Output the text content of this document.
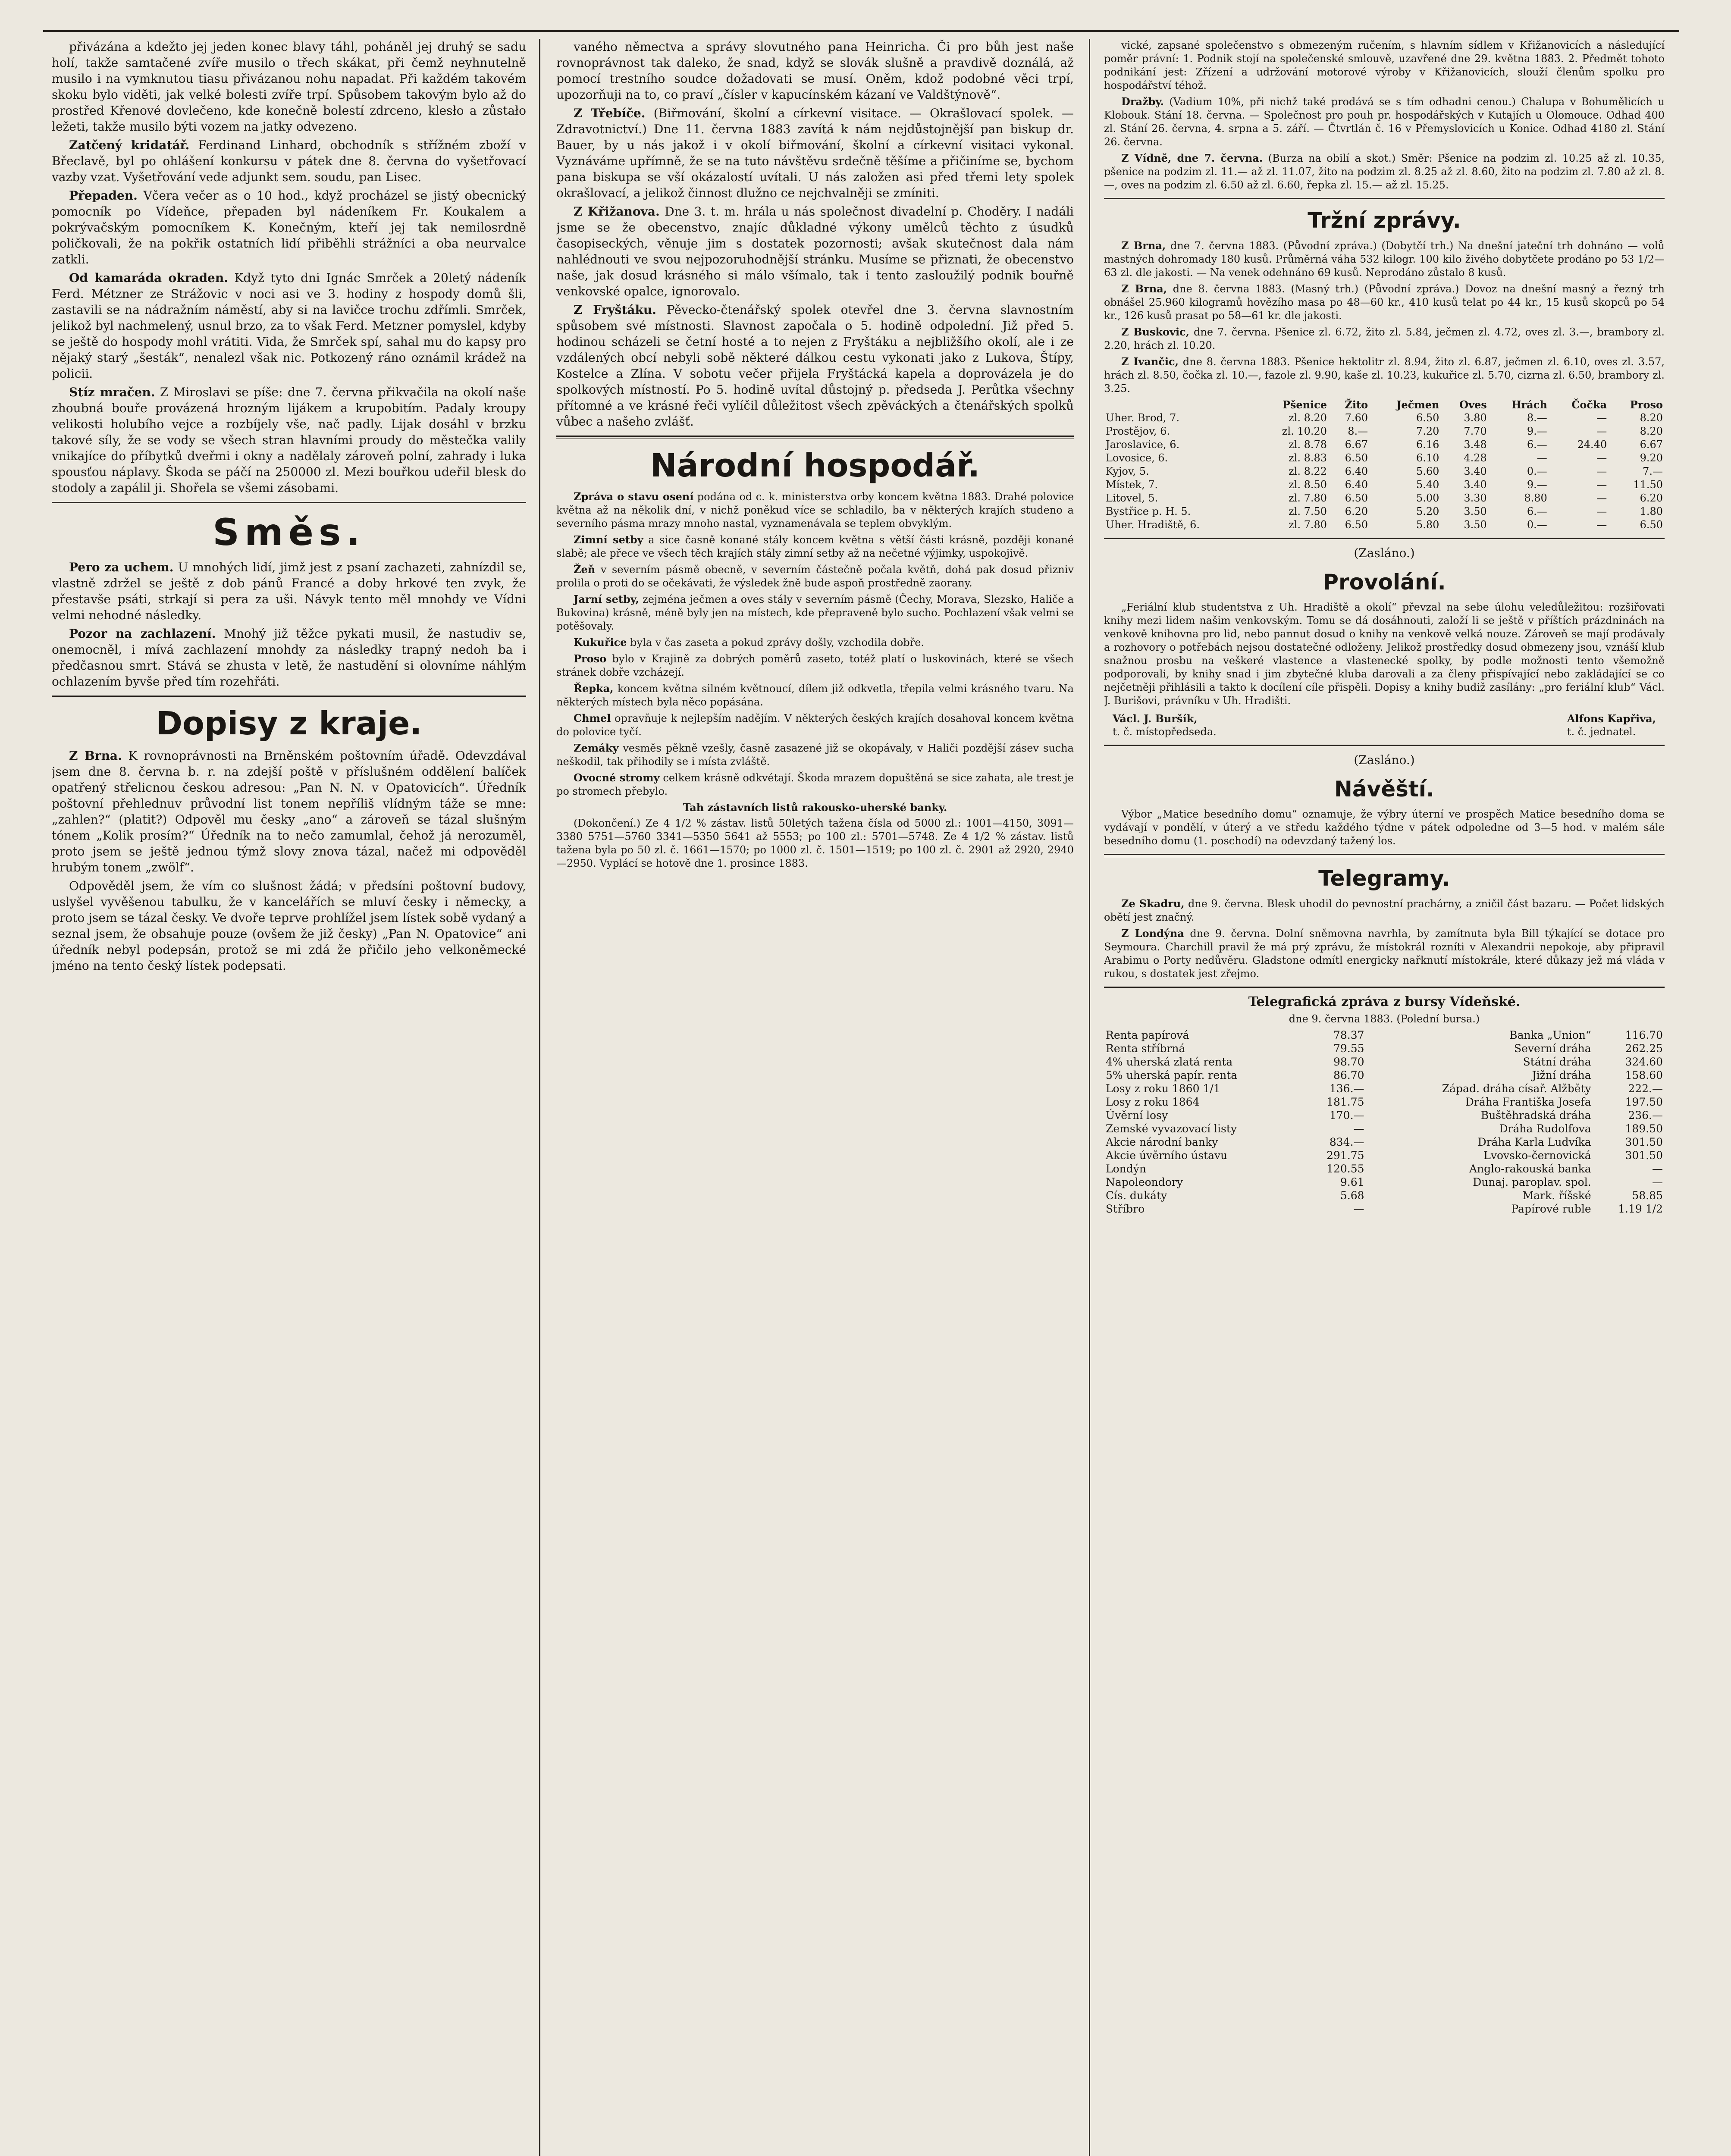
přivázána a kdežto jej jeden konec blavy táhl, poháněl jej druhý se sadu holí, takže samtačené zvíře musilo o třech skákat, při čemž neyhnutelně musilo i na vymknutou tiasu přivázanou nohu napadat. Při každém takovém skoku bylo viděti, jak velké bolesti zvíře trpí. Spůsobem takovým bylo až do prostřed Křenové dovlečeno, kde konečně bolestí zdrceno, klesło a zůstało ležeti, takže musilo býti vozem na jatky odvezeno.

Zatčený kridatář. Ferdinand Linhard, obchodník s střížném zboží v Břeclavě, byl po ohlášení konkursu v pátek dne 8. června do vyšetřovací vazby vzat. Vyšetřování vede adjunkt sem. soudu, pan Lisec.

Přepaden. Včera večer as o 10 hod., když procházel se jistý obecnický pomocník po Vídeňce, přepaden byl nádeníkem Fr. Koukalem a pokrývačským pomocníkem K. Konečným, kteří jej tak nemilosrdně poličkovali, že na pokřik ostatních lidí přiběhli strážníci a oba neurvalce zatkli.

Od kamaráda okraden. Když tyto dni Ignác Smrček a 20letý nádeník Ferd. Métzner ze Strážovic v noci asi ve 3. hodiny z hospody domů šli, zastavili se na nádražním náměstí, aby si na lavičce trochu zdřímli. Smrček, jelikož byl nachmelený, usnul brzo, za to však Ferd. Metzner pomyslel, kdyby se ještě do hospody mohl vrátiti. Vida, že Smrček spí, sahal mu do kapsy pro nějaký starý „šesták“, nenalezl však nic. Potkozený ráno oznámil krádež na policii.

Stíz mračen. Z Miroslavi se píše: dne 7. června přikvačila na okolí naše zhoubná bouře provázená hrozným lijákem a krupobitím. Padaly kroupy velikosti holubího vejce a rozbíjely vše, nač padly. Lijak dosáhl v brzku takové síly, že se vody se všech stran hlavními proudy do městečka valily vnikajíce do příbytků dveřmi i okny a nadělaly zároveň polní, zahrady i luka spousťou náplavy. Škoda se páčí na 250000 zl. Mezi bouřkou udeřil blesk do stodoly a zapálil ji. Shořela se všemi zásobami.

Směs.

Pero za uchem. U mnohých lidí, jimž jest z psaní zachazeti, zahnízdil se, vlastně zdržel se ještě z dob pánů Francé a doby hrkové ten zvyk, že přestavše psáti, strkají si pera za uši. Návyk tento měl mnohdy ve Vídni velmi nehodné následky.

Pozor na zachlazení. Mnohý již těžce pykati musil, že nastudiv se, onemocněl, i mívá zachlazení mnohdy za následky trapný nedoh ba i předčasnou smrt. Stává se zhusta v letě, že nastudění si olovníme náhlým ochlazením byvše před tím rozehřáti.

Dopisy z kraje.

Z Brna. K rovnoprávnosti na Brněnském poštovním úřadě. Odevzdával jsem dne 8. června b. r. na zdejší poště v příslušném oddělení balíček opatřený střelicnou českou adresou: „Pan N. N. v Opatovicích“. Úředník poštovní přehlednuv průvodní list tonem nepříliš vlídným táže se mne: „zahlen?“ (platit?) Odpověl mu česky „ano“ a zároveň se tázal slušným tónem „Kolik prosím?“ Úředník na to nečo zamumlal, čehož já nerozuměl, proto jsem se ještě jednou týmž slovy znova tázal, načež mi odpověděl hrubým tonem „zwölf“.

Odpověděl jsem, že vím co slušnost žádá; v předsíni poštovní budovy, uslyšel vyvěšenou tabulku, že v kancelářích se mluví česky i německy, a proto jsem se tázal česky. Ve dvoře teprve prohlížel jsem lístek sobě vydaný a seznal jsem, že obsahuje pouze (ovšem že již česky) „Pan N. Opatovice“ ani úředník nebyl podepsán, protož se mi zdá že přičilo jeho velkoněmecké jméno na tento český lístek podepsati.

vaného němectva a správy slovutného pana Heinricha. Či pro bůh jest naše rovnoprávnost tak daleko, že snad, když se slovák slušně a pravdivě doználá, až pomocí trestního soudce dožadovati se musí. Oněm, kdož podobné věci trpí, upozorňuji na to, co praví „čísler v kapucínském kázaní ve Valdštýnově“.

Z Třebíče. (Biřmování, školní a církevní visitace. — Okrašlovací spolek. — Zdravotnictví.) Dne 11. června 1883 zavítá k nám nejdůstojnější pan biskup dr. Bauer, by u nás jakož i v okolí biřmování, školní a církevní visitaci vykonal. Vyznáváme upřímně, že se na tuto návštěvu srdečně těšíme a přičiníme se, bychom pana biskupa se vší okázalostí uvítali. U nás založen asi před třemi lety spolek okrašlovací, a jelikož činnost dlužno ce nejchvalněji se zmíniti.

Z Křižanova. Dne 3. t. m. hrála u nás společnost divadelní p. Choděry. I nadáli jsme se že obecenstvo, znajíc důkladné výkony umělců těchto z úsudků časopiseckých, věnuje jim s dostatek pozornosti; avšak skutečnost dala nám nahlédnouti ve svou nejpozoruhodnější stránku. Musíme se přiznati, že obecenstvo naše, jak dosud krásného si málo všímalo, tak i tento zasloužilý podnik bouřně venkovské opalce, ignorovalo.

Z Fryštáku. Pěvecko-čtenářský spolek otevřel dne 3. června slavnostním spůsobem své místnosti. Slavnost započala o 5. hodině odpolední. Již před 5. hodinou scházeli se četní hosté a to nejen z Fryštáku a nejbližšího okolí, ale i ze vzdálených obcí nebyli sobě některé dálkou cestu vykonati jako z Lukova, Štípy, Kostelce a Zlína. V sobotu večer přijela Fryštácká kapela a doprovázela je do spolkových místností. Po 5. hodině uvítal důstojný p. předseda J. Perůtka všechny přítomné a ve krásné řeči vylíčil důležitost všech zpěváckých a čtenářských spolků vůbec a našeho zvlášť.

Národní hospodář.

Zpráva o stavu osení podána od c. k. ministerstva orby koncem května 1883. Drahé polovice května až na několik dní, v nichž poněkud více se schladilo, ba v některých krajích studeno a severního pásma mrazy mnoho nastal, vyznamenávala se teplem obvyklým.

Zimní setby a sice časně konané stály koncem května s větší části krásně, později konané slabě; ale přece ve všech těch krajích stály zimní setby až na nečetné výjimky, uspokojivě.

Žeň v severním pásmě obecně, v severním částečně počala květň, dohá pak dosud přizniv prolila o proti do se očekávati, že výsledek žně bude aspoň prostředně zaorany.

Jarní setby, zejména ječmen a oves stály v severním pásmě (Čechy, Morava, Slezsko, Haliče a Bukovina) krásně, méně byly jen na místech, kde přepraveně bylo sucho. Pochlazení však velmi se potěšovaly.

Kukuřice byla v čas zaseta a pokud zprávy došly, vzchodila dobře.

Proso bylo v Krajině za dobrých poměrů zaseto, totéž platí o luskovinách, které se všech stránek dobře vzcházejí.

Řepka, koncem května silném květnoucí, dílem již odkvetla, třepila velmi krásného tvaru. Na některých místech byla něco popásána.

Chmel opravňuje k nejlepším nadějím. V některých českých krajích dosahoval koncem května do polovice tyčí.

Zemáky vesměs pěkně vzešly, časně zasazené již se okopávaly, v Haliči pozdější zásev sucha neškodil, tak přihodily se i místa zvláště.

Ovocné stromy celkem krásně odkvétají. Škoda mrazem dopuštěná se sice zahata, ale trest je po stromech přebylo.

Tah zástavních listů rakousko-uherské banky.

(Dokončení.) Ze 4 1/2 % zástav. listů 50letých tažena čísla od 5000 zl.: 1001—4150, 3091—3380 5751—5760 3341—5350 5641 až 5553; po 100 zl.: 5701—5748. Ze 4 1/2 % zástav. listů tažena byla po 50 zl. č. 1661—1570; po 1000 zl. č. 1501—1519; po 100 zl. č. 2901 až 2920, 2940—2950. Vyplácí se hotově dne 1. prosince 1883.

vické, zapsané společenstvo s obmezeným ručením, s hlavním sídlem v Křižanovicích a následující poměr právní: 1. Podnik stojí na společenské smlouvě, uzavřené dne 29. května 1883. 2. Předmět tohoto podnikání jest: Zřízení a udržování motorové výroby v Křižanovicích, slouží členům spolku pro hospodářství téhož.

Dražby. (Vadium 10%, při nichž také prodává se s tím odhadni cenou.) Chalupa v Bohumělicích u Klobouk. Stání 18. června. — Společnost pro pouh pr. hospodářských v Kutajích u Olomouce. Odhad 400 zl. Stání 26. června, 4. srpna a 5. září. — Čtvrtlán č. 16 v Přemyslovicích u Konice. Odhad 4180 zl. Stání 26. června.

Z Vídně, dne 7. června. (Burza na obilí a skot.) Směr: Pšenice na podzim zl. 10.25 až zl. 10.35, pšenice na podzim zl. 11.— až zl. 11.07, žito na podzim zl. 8.25 až zl. 8.60, žito na podzim zl. 7.80 až zl. 8.—, oves na podzim zl. 6.50 až zl. 6.60, řepka zl. 15.— až zl. 15.25.

Tržní zprávy.

Z Brna, dne 7. června 1883. (Původní zpráva.) (Dobytčí trh.) Na dnešní jateční trh dohnáno — volů mastných dohromady 180 kusů. Průměrná váha 532 kilogr. 100 kilo živého dobytčete prodáno po 53 1/2—63 zl. dle jakosti. — Na venek odehnáno 69 kusů. Neprodáno zůstalo 8 kusů.

Z Brna, dne 8. června 1883. (Masný trh.) (Původní zpráva.) Dovoz na dnešní masný a řezný trh obnášel 25.960 kilogramů hovězího masa po 48—60 kr., 410 kusů telat po 44 kr., 15 kusů skopců po 54 kr., 126 kusů prasat po 58—61 kr. dle jakosti.

Z Buskovic, dne 7. června. Pšenice zl. 6.72, žito zl. 5.84, ječmen zl. 4.72, oves zl. 3.—, brambory zl. 2.20, hrách zl. 10.20.

Z Ivančic, dne 8. června 1883. Pšenice hektolitr zl. 8.94, žito zl. 6.87, ječmen zl. 6.10, oves zl. 3.57, hrách zl. 8.50, čočka zl. 10.—, fazole zl. 9.90, kaše zl. 10.23, kukuřice zl. 5.70, cizrna zl. 6.50, brambory zl. 3.25.

	Pšenice	Žito	Ječmen	Oves	Hrách	Čočka	Proso
Uher. Brod, 7.	zl. 8.20	7.60	6.50	3.80	8.—	—	8.20
Prostějov, 6.	zl. 10.20	8.—	7.20	7.70	9.—	—	8.20
Jaroslavice, 6.	zl. 8.78	6.67	6.16	3.48	6.—	24.40	6.67
Lovosice, 6.	zl. 8.83	6.50	6.10	4.28	—	—	9.20
Kyjov, 5.	zl. 8.22	6.40	5.60	3.40	0.—	—	7.—
Místek, 7.	zl. 8.50	6.40	5.40	3.40	9.—	—	11.50
Litovel, 5.	zl. 7.80	6.50	5.00	3.30	8.80	—	6.20
Bystřice p. H. 5.	zl. 7.50	6.20	5.20	3.50	6.—	—	1.80
Uher. Hradiště, 6.	zl. 7.80	6.50	5.80	3.50	0.—	—	6.50

(Zasláno.)

Provolání.

„Feriální klub studentstva z Uh. Hradiště a okolí“ převzal na sebe úlohu veledůležitou: rozšiřovati knihy mezi lidem našim venkovským. Tomu se dá dosáhnouti, založí li se ještě v příštích prázdninách na venkově knihovna pro lid, nebo pannut dosud o knihy na venkově velká nouze. Zároveň se mají prodávaly a rozhovory o potřebách nejsou dostatečné odloženy. Jelikož prostředky dosud obmezeny jsou, vznáší klub snažnou prosbu na veškeré vlastence a vlastenecké spolky, by podle možnosti tento všemožně podporovali, by knihy snad i jim zbytečné kluba darovali a za členy přispívající nebo zakládající se co nejčetněji přihlásili a takto k docílení cíle přispěli. Dopisy a knihy budiž zasílány: „pro feriální klub“ Václ. J. Burišovi, právníku v Uh. Hradišti.

Václ. J. Buršík,
t. č. místopředseda.
Alfons Kapřiva,
t. č. jednatel.

(Zasláno.)

Návěští.

Výbor „Matice besedního domu“ oznamuje, že výbry úterní ve prospěch Matice besedního doma se vydávají v pondělí, v úterý a ve středu každého týdne v pátek odpoledne od 3—5 hod. v malém sále besedního domu (1. poschodí) na odevzdaný tažený los.

Telegramy.

Ze Skadru, dne 9. června. Blesk uhodil do pevnostní prachárny, a zničil část bazaru. — Počet lidských obětí jest značný.

Z Londýna dne 9. června. Dolní sněmovna navrhla, by zamítnuta byla Bill týkající se dotace pro Seymoura. Charchill pravil že má prý zprávu, že místokrál rozníti v Alexandrii nepokoje, aby připravil Arabimu o Porty nedůvěru. Gladstone odmítl energicky nařknutí místokrále, které důkazy jež má vláda v rukou, s dostatek jest zřejmo.

Telegrafická zpráva z bursy Vídeňské.

dne 9. června 1883. (Polední bursa.)

Renta papírová	78.37	Banka „Union“	116.70
Renta stříbrná	79.55	Severní dráha	262.25
4% uherská zlatá renta	98.70	Státní dráha	324.60
5% uherská papír. renta	86.70	Jižní dráha	158.60
Losy z roku 1860 1/1	136.—	Západ. dráha císař. Alžběty	222.—
Losy z roku 1864	181.75	Dráha Františka Josefa	197.50
Úvěrní losy	170.—	Buštěhradská dráha	236.—
Zemské vyvazovací listy	—	Dráha Rudolfova	189.50
Akcie národní banky	834.—	Dráha Karla Ludvíka	301.50
Akcie úvěrního ústavu	291.75	Lvovsko-černovická	301.50
Londýn	120.55	Anglo-rakouská banka	—
Napoleondory	9.61	Dunaj. paroplav. spol.	—
Cís. dukáty	5.68	Mark. říšské	58.85
Stříbro	—	Papírové ruble	1.19 1/2
